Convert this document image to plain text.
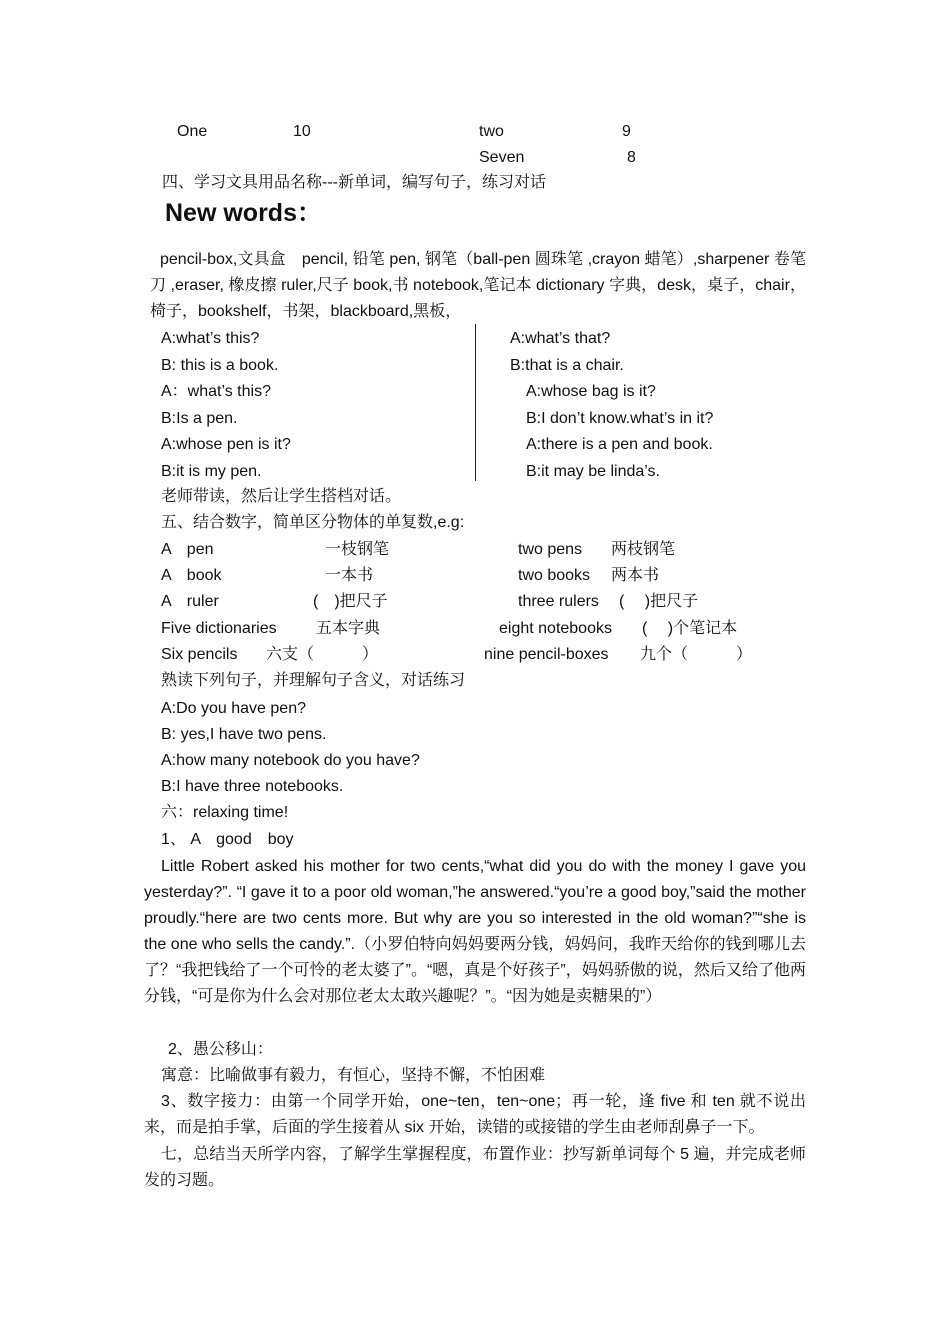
One	10	two	9
Seven	8
四、学习文具用品名称---新单词，编写句子，练习对话
New words：
pencil-box,文具盒　pencil, 铅笔 pen, 钢笔（ball-pen 圆珠笔 ,crayon 蜡笔）,sharpener 卷笔刀 ,eraser, 橡皮擦 ruler,尺子 book,书 notebook,笔记本 dictionary 字典，desk，桌子，chair，椅子，bookshelf，书架，blackboard,黑板，
A:what’s this?
B: this is a book.
A：what’s this?
B:Is a pen.
A:whose pen is it?
B:it is my pen.
A:what’s that?
B:that is a chair.
A:whose bag is it?
B:I don’t know.what’s in it?
A:there is a pen and book.
B:it may be linda’s.
老师带读，然后让学生搭档对话。
五、结合数字，简单区分物体的单复数,e.g:
A　pen	一枝钢笔	two pens 两枝钢笔
A　book	一本书	two books 两本书
A　ruler	(　)把尺子	three rulers (　 )把尺子
Five dictionaries 五本字典	eight notebooks (　 )个笔记本
Six pencils 六支（　　　）	nine pencil-boxes 九个（　　　）
熟读下列句子，并理解句子含义，对话练习
A:Do you have pen?
B: yes,I have two pens.
A:how many notebook do you have?
B:I have three notebooks.
六：relaxing time!
1、 A　good　boy
Little Robert asked his mother for two cents,“what did you do with the money I gave you yesterday?”. “I gave it to a poor old woman,”he answered.“you’re a good boy,”said the mother proudly.“here are two cents more. But why are you so interested in the old woman?”“she is the one who sells the candy.”.（小罗伯特向妈妈要两分钱，妈妈问，我昨天给你的钱到哪儿去了？“我把钱给了一个可怜的老太婆了”。“嗯，真是个好孩子”，妈妈骄傲的说，然后又给了他两分钱，“可是你为什么会对那位老太太敢兴趣呢？”。“因为她是卖糖果的”）
2、愚公移山：
寓意：比喻做事有毅力，有恒心，坚持不懈，不怕困难
3、数字接力：由第一个同学开始，one~ten，ten~one；再一轮，逢 five 和 ten 就不说出来，而是拍手掌，后面的学生接着从 six 开始，读错的或接错的学生由老师刮鼻子一下。
七，总结当天所学内容，了解学生掌握程度，布置作业：抄写新单词每个 5 遍，并完成老师发的习题。
